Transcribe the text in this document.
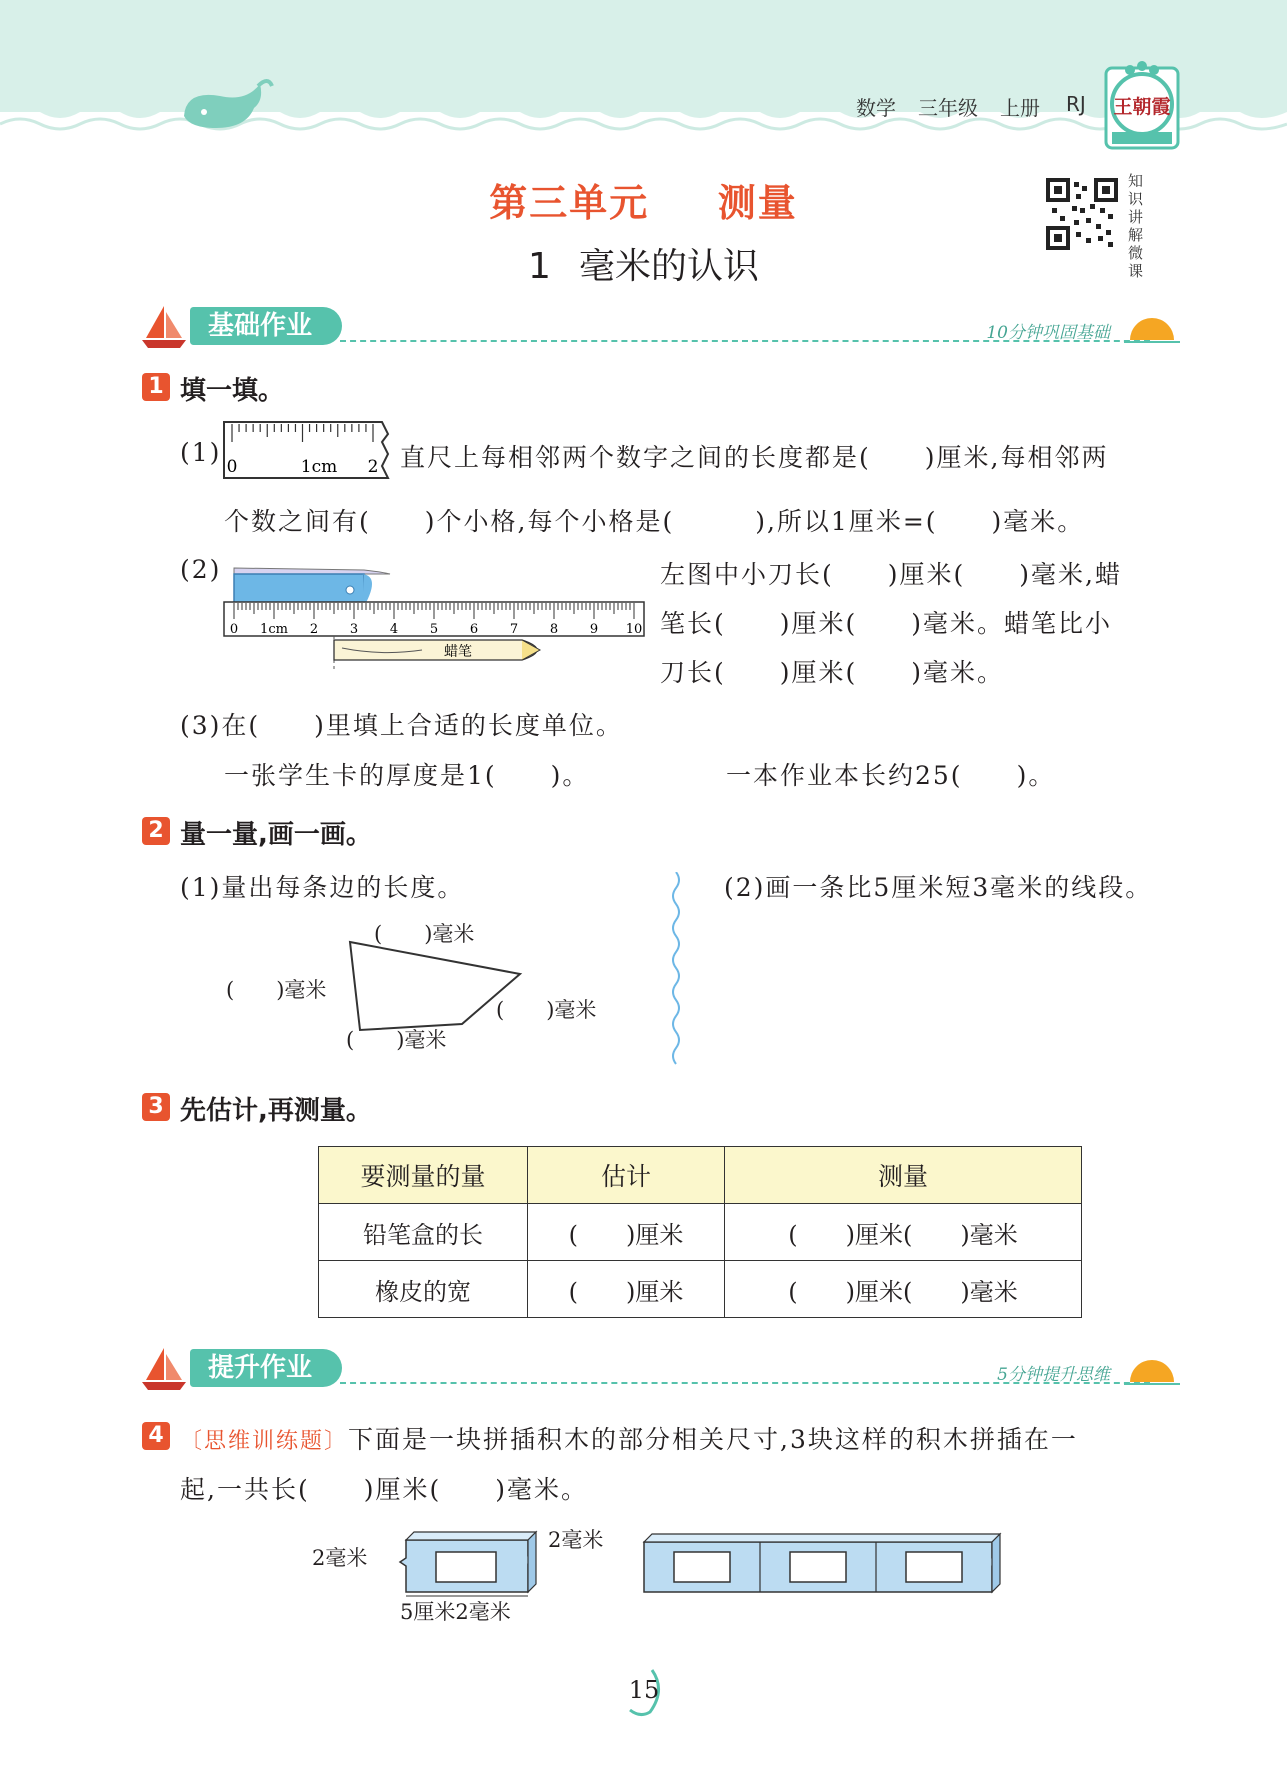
数学 三年级 上册 RJ 王朝霞
第三单元 测量
1 毫米的认识
知识讲解微课
基础作业	10分钟巩固基础
1 填一填。
(1) 0	1cm 2 直尺上每相邻两个数字之间的长度都是(　　)厘米,每相邻两
个数之间有(　　)个小格,每个小格是(　　　),所以1厘米=(　　)毫米。
(2)
0 1cm 2 3 4 5 6 7 8 9 10
蜡笔
左图中小刀长(　　)厘米(　　)毫米,蜡
笔长(　　)厘米(　　)毫米。蜡笔比小
刀长(　　)厘米(　　)毫米。
(3)在(　　)里填上合适的长度单位。
一张学生卡的厚度是1(　　)。	一本作业本长约25(　　)。
2 量一量,画一画。
(1)量出每条边的长度。	(2)画一条比5厘米短3毫米的线段。
(　　)毫米
(　　)毫米
(　　)毫米
(　　)毫米
3 先估计,再测量。
要测量的量	估计	测量
铅笔盒的长	(　　)厘米	(　　)厘米(　　)毫米
橡皮的宽	(　　)厘米	(　　)厘米(　　)毫米
提升作业	5分钟提升思维
4 〔思维训练题〕下面是一块拼插积木的部分相关尺寸,3块这样的积木拼插在一
起,一共长(　　)厘米(　　)毫米。
2毫米
2毫米
5厘米2毫米
15
